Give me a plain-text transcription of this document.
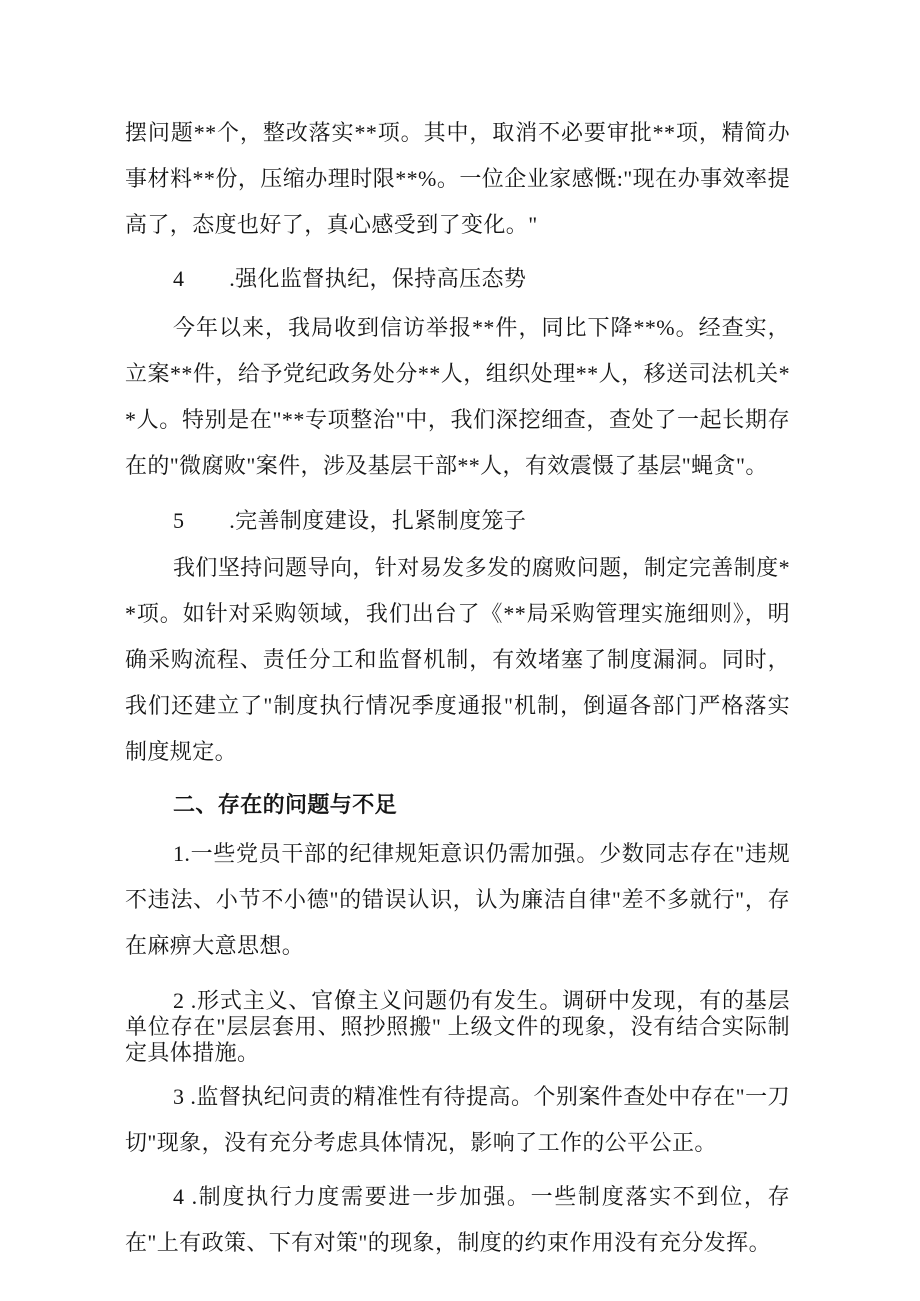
摆问题**个，整改落实**项。其中，取消不必要审批**项，精简办事材料**份，压缩办理时限**%。一位企业家感慨:"现在办事效率提高了，态度也好了，真心感受到了变化。"

4　　.强化监督执纪，保持高压态势

今年以来，我局收到信访举报**件，同比下降**%。经查实，立案**件，给予党纪政务处分**人，组织处理**人，移送司法机关**人。特别是在"**专项整治"中，我们深挖细查，查处了一起长期存在的"微腐败"案件，涉及基层干部**人，有效震慑了基层"蝇贪"。

5　　.完善制度建设，扎紧制度笼子

我们坚持问题导向，针对易发多发的腐败问题，制定完善制度**项。如针对采购领域，我们出台了《**局采购管理实施细则》，明确采购流程、责任分工和监督机制，有效堵塞了制度漏洞。同时，我们还建立了"制度执行情况季度通报"机制，倒逼各部门严格落实制度规定。

二、存在的问题与不足

1.一些党员干部的纪律规矩意识仍需加强。少数同志存在"违规不违法、小节不小德"的错误认识，认为廉洁自律"差不多就行"，存在麻痹大意思想。

2 .形式主义、官僚主义问题仍有发生。调研中发现，有的基层单位存在"层层套用、照抄照搬" 上级文件的现象，没有结合实际制定具体措施。

3 .监督执纪问责的精准性有待提高。个别案件查处中存在"一刀切"现象，没有充分考虑具体情况，影响了工作的公平公正。

4 .制度执行力度需要进一步加强。一些制度落实不到位，存在"上有政策、下有对策"的现象，制度的约束作用没有充分发挥。
